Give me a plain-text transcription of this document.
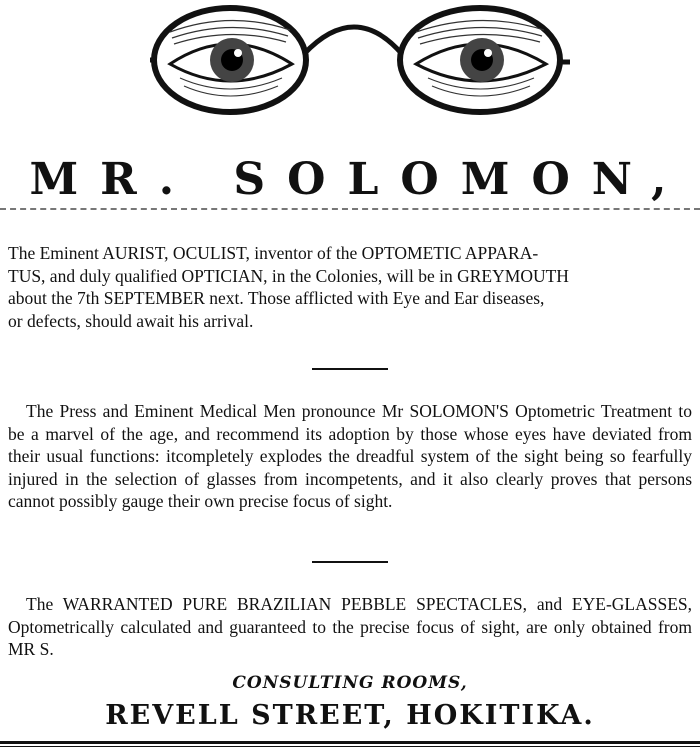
MR. SOLOMON,

The Eminent AURIST, OCULIST, inventor of the OPTOMETIC APPARA-
TUS, and duly qualified OPTICIAN, in the Colonies, will be in GREYMOUTH
about the 7th SEPTEMBER next. Those afflicted with Eye and Ear diseases,

or defects, should await his arrival.

The Press and Eminent Medical Men pronounce Mr SOLOMON'S Optometric Treatment to be a marvel of the age, and recommend its adoption by those whose eyes have deviated from their usual functions: itcompletely explodes the dreadful system of the sight being so fearfully injured in the selection of glasses from incompetents, and it also clearly proves that persons cannot possibly gauge their own precise focus of sight.

The WARRANTED PURE BRAZILIAN PEBBLE SPECTACLES, and EYE-GLASSES, Optometrically calculated and guaranteed to the precise focus of sight, are only obtained from MR S.

CONSULTING ROOMS,

REVELL STREET, HOKITIKA.
